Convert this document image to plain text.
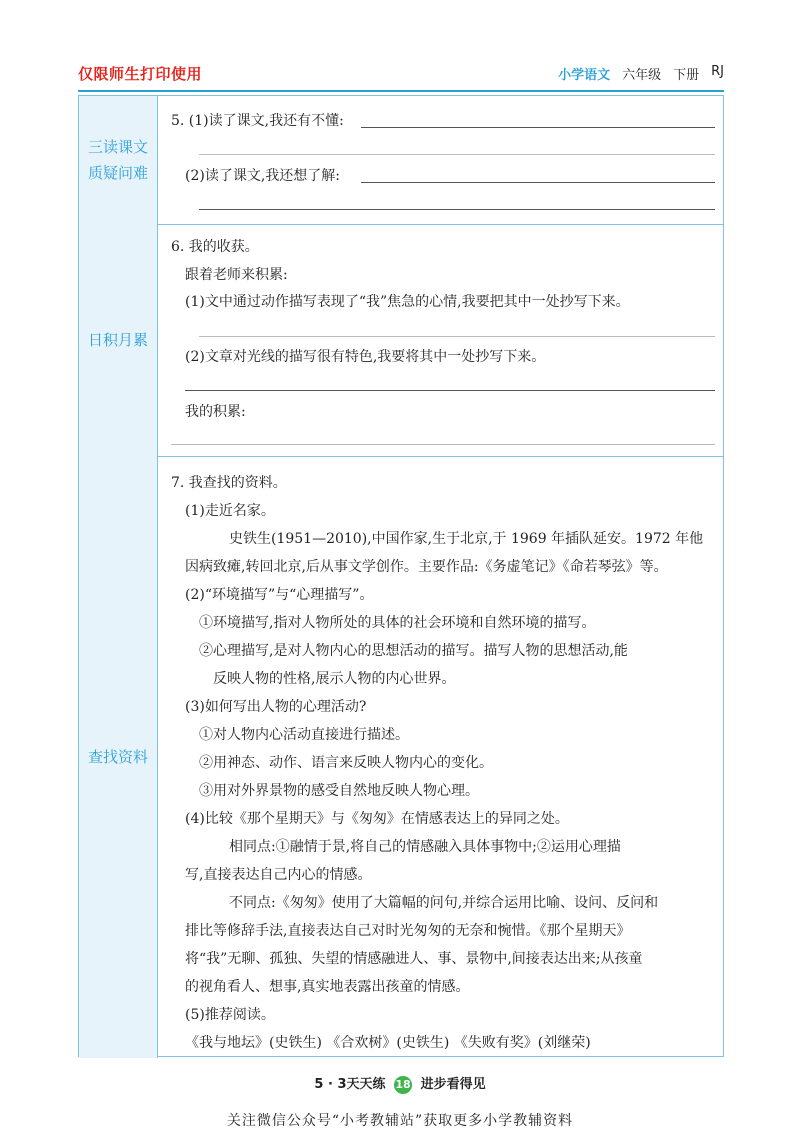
仅限师生打印使用	小学语文 六年级 下册 RJ
三读课文
质疑问难
5. (1)读了课文,我还有不懂:
(2)读了课文,我还想了解:
日积月累
6. 我的收获。
跟着老师来积累:
(1)文中通过动作描写表现了“我”焦急的心情,我要把其中一处抄写下来。
(2)文章对光线的描写很有特色,我要将其中一处抄写下来。
我的积累:
查找资料
7. 我查找的资料。
(1)走近名家。
史铁生(1951—2010),中国作家,生于北京,于 1969 年插队延安。1972 年他
因病致瘫,转回北京,后从事文学创作。主要作品:《务虚笔记》《命若琴弦》等。
(2)“环境描写”与“心理描写”。
①环境描写,指对人物所处的具体的社会环境和自然环境的描写。
②心理描写,是对人物内心的思想活动的描写。描写人物的思想活动,能
反映人物的性格,展示人物的内心世界。
(3)如何写出人物的心理活动?
①对人物内心活动直接进行描述。
②用神态、动作、语言来反映人物内心的变化。
③用对外界景物的感受自然地反映人物心理。
(4)比较《那个星期天》与《匆匆》在情感表达上的异同之处。
相同点:①融情于景,将自己的情感融入具体事物中;②运用心理描
写,直接表达自己内心的情感。
不同点:《匆匆》使用了大篇幅的问句,并综合运用比喻、设问、反问和
排比等修辞手法,直接表达自己对时光匆匆的无奈和惋惜。《那个星期天》
将“我”无聊、孤独、失望的情感融进人、事、景物中,间接表达出来;从孩童
的视角看人、想事,真实地表露出孩童的情感。
(5)推荐阅读。
《我与地坛》(史铁生) 《合欢树》(史铁生) 《失败有奖》(刘继荣)
5 · 3天天练 18 进步看得见
关注微信公众号“小考教辅站”获取更多小学教辅资料
